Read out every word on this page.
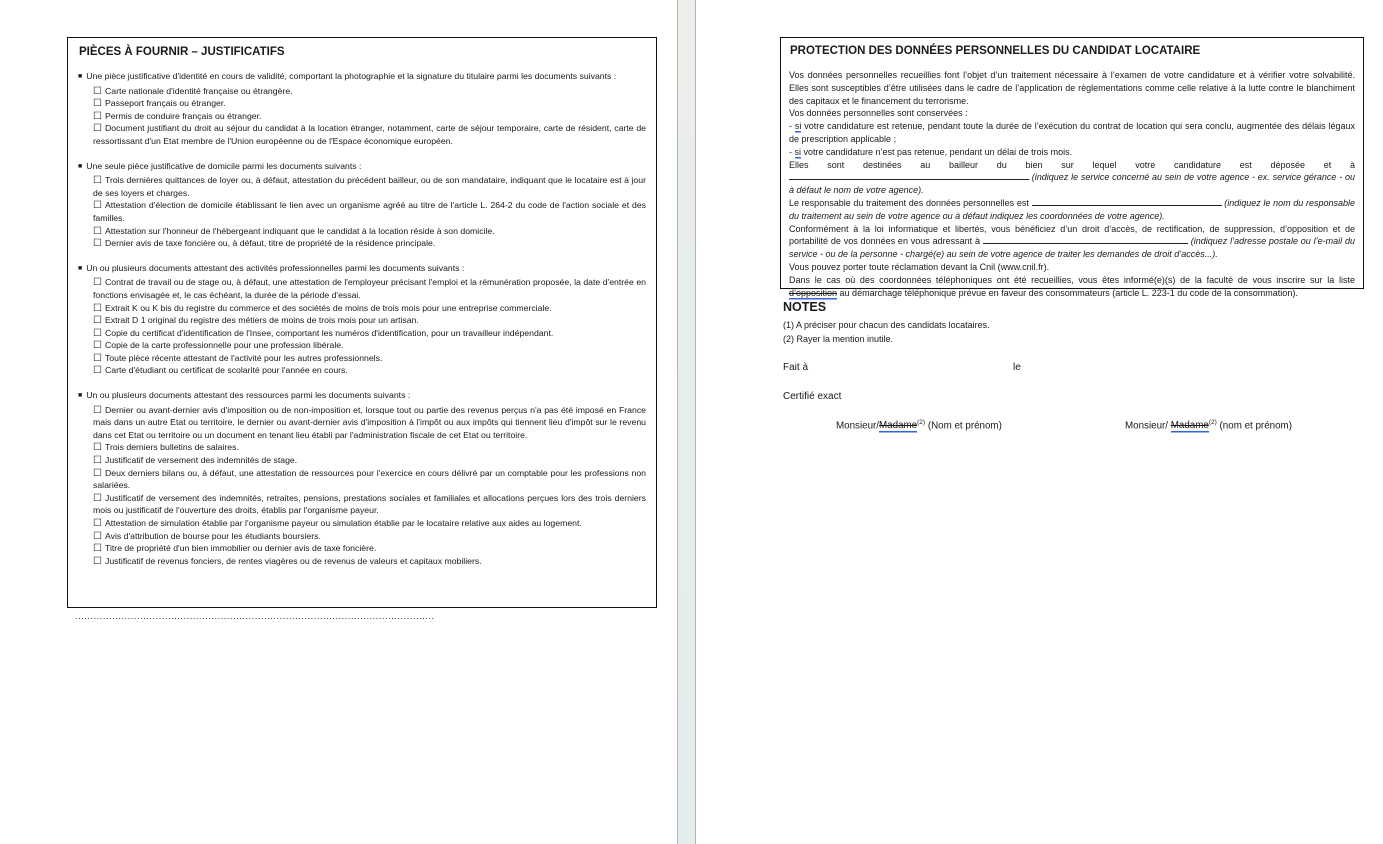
PIÈCES À FOURNIR – JUSTIFICATIFS
■ Une pièce justificative d'identité en cours de validité, comportant la photographie et la signature du titulaire parmi les documents suivants :
☐ Carte nationale d'identité française ou étrangère.
☐ Passeport français ou étranger.
☐ Permis de conduire français ou étranger.
☐ Document justifiant du droit au séjour du candidat à la location étranger, notamment, carte de séjour temporaire, carte de résident, carte de ressortissant d'un Etat membre de l'Union européenne ou de l'Espace économique européen.
■ Une seule pièce justificative de domicile parmi les documents suivants :
☐ Trois dernières quittances de loyer ou, à défaut, attestation du précédent bailleur, ou de son mandataire, indiquant que le locataire est à jour de ses loyers et charges.
☐ Attestation d'élection de domicile établissant le lien avec un organisme agréé au titre de l'article L. 264-2 du code de l'action sociale et des familles.
☐ Attestation sur l'honneur de l'hébergeant indiquant que le candidat à la location réside à son domicile.
☐ Dernier avis de taxe foncière ou, à défaut, titre de propriété de la résidence principale.
■ Un ou plusieurs documents attestant des activités professionnelles parmi les documents suivants :
☐ Contrat de travail ou de stage ou, à défaut, une attestation de l'employeur précisant l'emploi et la rémunération proposée, la date d'entrée en fonctions envisagée et, le cas échéant, la durée de la période d'essai.
☐ Extrait K ou K bis du registre du commerce et des sociétés de moins de trois mois pour une entreprise commerciale.
☐ Extrait D 1 original du registre des métiers de moins de trois mois pour un artisan.
☐ Copie du certificat d'identification de l'Insee, comportant les numéros d'identification, pour un travailleur indépendant.
☐ Copie de la carte professionnelle pour une profession libérale.
☐ Toute pièce récente attestant de l'activité pour les autres professionnels.
☐ Carte d'étudiant ou certificat de scolarité pour l'année en cours.
■ Un ou plusieurs documents attestant des ressources parmi les documents suivants :
☐ Dernier ou avant-dernier avis d'imposition ou de non-imposition et, lorsque tout ou partie des revenus perçus n'a pas été imposé en France mais dans un autre Etat ou territoire, le dernier ou avant-dernier avis d'imposition à l'impôt ou aux impôts qui tiennent lieu d'impôt sur le revenu dans cet Etat ou territoire ou un document en tenant lieu établi par l'administration fiscale de cet Etat ou territoire.
☐ Trois derniers bulletins de salaires.
☐ Justificatif de versement des indemnités de stage.
☐ Deux derniers bilans ou, à défaut, une attestation de ressources pour l'exercice en cours délivré par un comptable pour les professions non salariées.
☐ Justificatif de versement des indemnités, retraites, pensions, prestations sociales et familiales et allocations perçues lors des trois derniers mois ou justificatif de l'ouverture des droits, établis par l'organisme payeur.
☐ Attestation de simulation établie par l'organisme payeur ou simulation établie par le locataire relative aux aides au logement.
☐ Avis d'attribution de bourse pour les étudiants boursiers.
☐ Titre de propriété d'un bien immobilier ou dernier avis de taxe foncière.
☐ Justificatif de revenus fonciers, de rentes viagères ou de revenus de valeurs et capitaux mobiliers.
....................................................................................................................
PROTECTION DES DONNÉES PERSONNELLES DU CANDIDAT LOCATAIRE
Vos données personnelles recueillies font l’objet d’un traitement nécessaire à l’examen de votre candidature et à vérifier votre solvabilité. Elles sont susceptibles d’être utilisées dans le cadre de l’application de règlementations comme celle relative à la lutte contre le blanchiment des capitaux et le financement du terrorisme.
Vos données personnelles sont conservées :
- si votre candidature est retenue, pendant toute la durée de l’exécution du contrat de location qui sera conclu, augmentée des délais légaux de prescription applicable ;
- si votre candidature n’est pas retenue, pendant un délai de trois mois.
Elles sont destinées au bailleur du bien sur lequel votre candidature est déposée et à  (indiquez le service concerné au sein de votre agence - ex. service gérance - ou à défaut le nom de votre agence).
Le responsable du traitement des données personnelles est	(indiquez le nom du responsable du traitement au sein de votre agence ou à défaut indiquez les coordonnées de votre agence).
Conformément à la loi informatique et libertés, vous bénéficiez d’un droit d’accès, de rectification, de suppression, d’opposition et de portabilité de vos données en vous adressant à	(indiquez l’adresse postale ou l’e-mail du service - ou de la personne - chargé(e) au sein de votre agence de traiter les demandes de droit d’accès...).
Vous pouvez porter toute réclamation devant la Cnil (www.cnil.fr).
Dans le cas où des coordonnées téléphoniques ont été recueillies, vous êtes informé(e)(s) de la faculté de vous inscrire sur la liste d’opposition au démarchage téléphonique prévue en faveur des consommateurs (article L. 223-1 du code de la consommation).
NOTES
(1) A préciser pour chacun des candidats locataires.
(2) Rayer la mention inutile.
Fait à	le
Certifié exact
Monsieur/Madame$^{(2)}$ (Nom et prénom)	Monsieur/ Madame$^{(2)}$ (nom et prénom)
